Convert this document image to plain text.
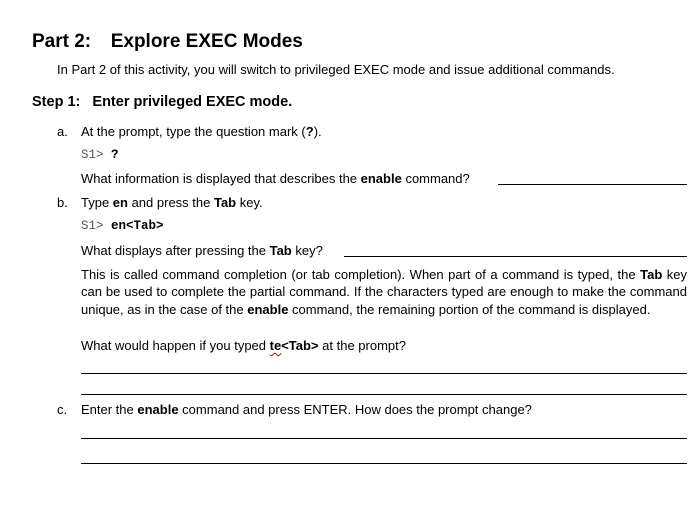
Part 2: Explore EXEC Modes
In Part 2 of this activity, you will switch to privileged EXEC mode and issue additional commands.
Step 1: Enter privileged EXEC mode.
a. At the prompt, type the question mark (?).
S1> ?
What information is displayed that describes the enable command?
b. Type en and press the Tab key.
S1> en<Tab>
What displays after pressing the Tab key?
This is called command completion (or tab completion). When part of a command is typed, the Tab key can be used to complete the partial command. If the characters typed are enough to make the command unique, as in the case of the enable command, the remaining portion of the command is displayed.
What would happen if you typed te<Tab> at the prompt?
c. Enter the enable command and press ENTER. How does the prompt change?
